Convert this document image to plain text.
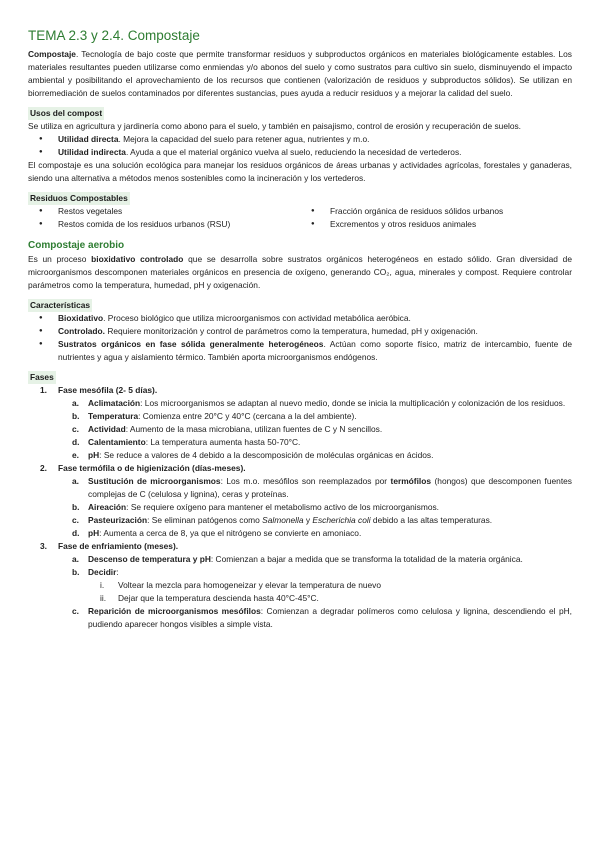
TEMA 2.3 y 2.4. Compostaje

Compostaje. Tecnología de bajo coste que permite transformar residuos y subproductos orgánicos en materiales biológicamente estables. Los materiales resultantes pueden utilizarse como enmiendas y/o abonos del suelo y como sustratos para cultivo sin suelo, disminuyendo el impacto ambiental y posibilitando el aprovechamiento de los recursos que contienen (valorización de residuos y subproductos sólidos). Se utilizan en biorremediación de suelos contaminados por diferentes sustancias, pues ayuda a reducir residuos y a mejorar la calidad del suelo.

Usos del compost

Se utiliza en agricultura y jardinería como abono para el suelo, y también en paisajismo, control de erosión y recuperación de suelos.

● Utilidad directa. Mejora la capacidad del suelo para retener agua, nutrientes y m.o.
● Utilidad indirecta. Ayuda a que el material orgánico vuelva al suelo, reduciendo la necesidad de vertederos.

El compostaje es una solución ecológica para manejar los residuos orgánicos de áreas urbanas y actividades agrícolas, forestales y ganaderas, siendo una alternativa a métodos menos sostenibles como la incineración y los vertederos.

Residuos Compostables
● Restos vegetales
● Restos comida de los residuos urbanos (RSU)
● Fracción orgánica de residuos sólidos urbanos
● Excrementos y otros residuos animales
Compostaje aerobio

Es un proceso bioxidativo controlado que se desarrolla sobre sustratos orgánicos heterogéneos en estado sólido. Gran diversidad de microorganismos descomponen materiales orgánicos en presencia de oxígeno, generando CO₂, agua, minerales y compost. Requiere controlar parámetros como la temperatura, humedad, pH y oxigenación.

Características
● Bioxidativo. Proceso biológico que utiliza microorganismos con actividad metabólica aeróbica.
● Controlado. Requiere monitorización y control de parámetros como la temperatura, humedad, pH y oxigenación.
● Sustratos orgánicos en fase sólida generalmente heterogéneos. Actúan como soporte físico, matriz de intercambio, fuente de nutrientes y agua y aislamiento térmico. También aporta microorganismos endógenos.
Fases
1. Fase mesófila (2- 5 días).
a. Aclimatación: Los microorganismos se adaptan al nuevo medio, donde se inicia la multiplicación y colonización de los residuos.
b. Temperatura: Comienza entre 20°C y 40°C (cercana a la del ambiente).
c. Actividad: Aumento de la masa microbiana, utilizan fuentes de C y N sencillos.
d. Calentamiento: La temperatura aumenta hasta 50-70°C.
e. pH: Se reduce a valores de 4 debido a la descomposición de moléculas orgánicas en ácidos.
2. Fase termófila o de higienización (días-meses).
a. Sustitución de microorganismos: Los m.o. mesófilos son reemplazados por termófilos (hongos) que descomponen fuentes complejas de C (celulosa y lignina), ceras y proteínas.
b. Aireación: Se requiere oxígeno para mantener el metabolismo activo de los microorganismos.
c. Pasteurización: Se eliminan patógenos como Salmonella y Escherichia coli debido a las altas temperaturas.
d. pH: Aumenta a cerca de 8, ya que el nitrógeno se convierte en amoniaco.
3. Fase de enfriamiento (meses).
a. Descenso de temperatura y pH: Comienzan a bajar a medida que se transforma la totalidad de la materia orgánica.
b. Decidir:
i. Voltear la mezcla para homogeneizar y elevar la temperatura de nuevo
ii. Dejar que la temperatura descienda hasta 40°C-45°C.
c. Reparición de microorganismos mesófilos: Comienzan a degradar polímeros como celulosa y lignina, descendiendo el pH, pudiendo aparecer hongos visibles a simple vista.
